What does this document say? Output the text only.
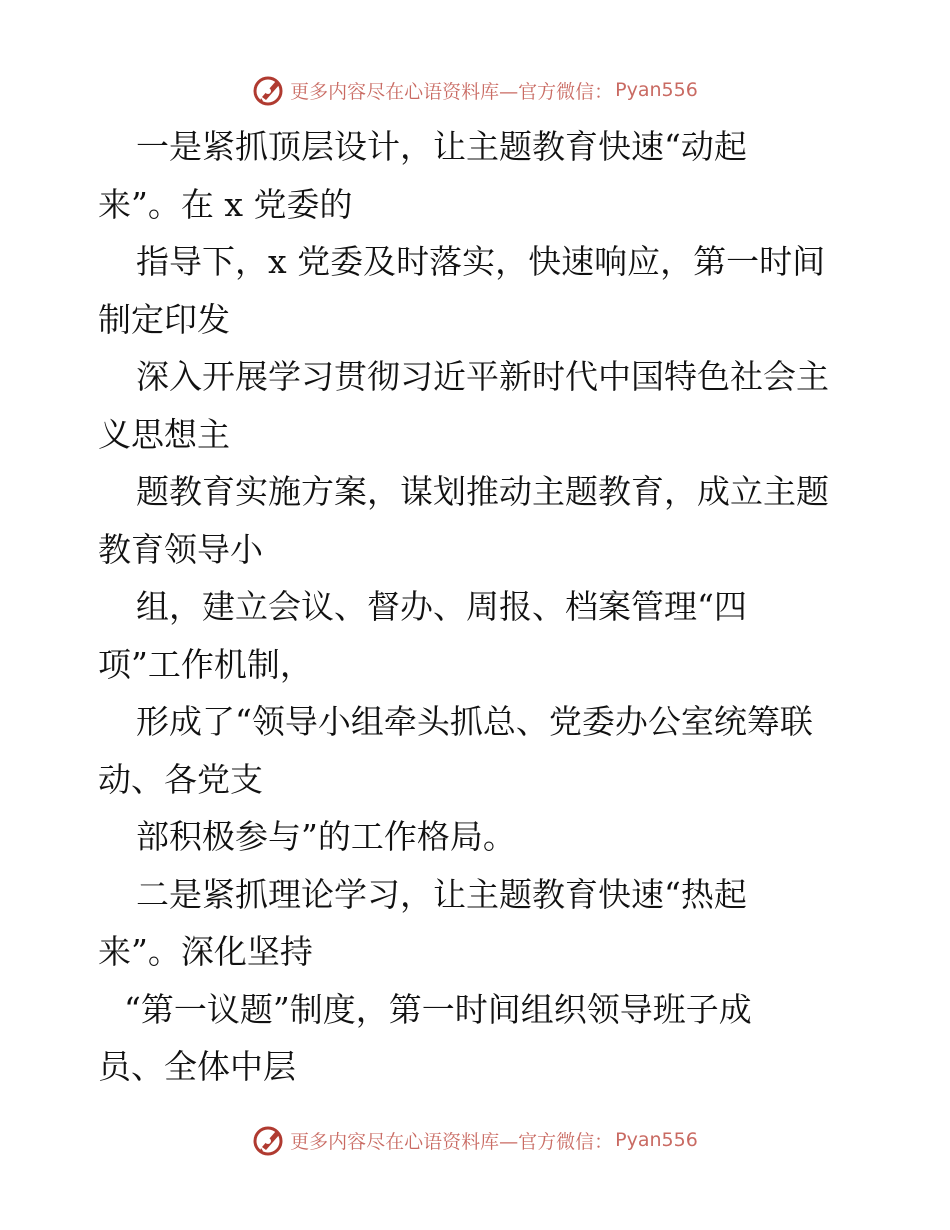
更多内容尽在心语资料库—官方微信： Pyan556
一是紧抓顶层设计，让主题教育快速“动起
来”。在 x 党委的
指导下，x 党委及时落实，快速响应，第一时间
制定印发
深入开展学习贯彻习近平新时代中国特色社会主
义思想主
题教育实施方案，谋划推动主题教育，成立主题
教育领导小
组，建立会议、督办、周报、档案管理“四
项”工作机制，
形成了“领导小组牵头抓总、党委办公室统筹联
动、各党支
部积极参与”的工作格局。
二是紧抓理论学习，让主题教育快速“热起
来”。深化坚持
“第一议题”制度，第一时间组织领导班子成
员、全体中层
更多内容尽在心语资料库—官方微信： Pyan556
